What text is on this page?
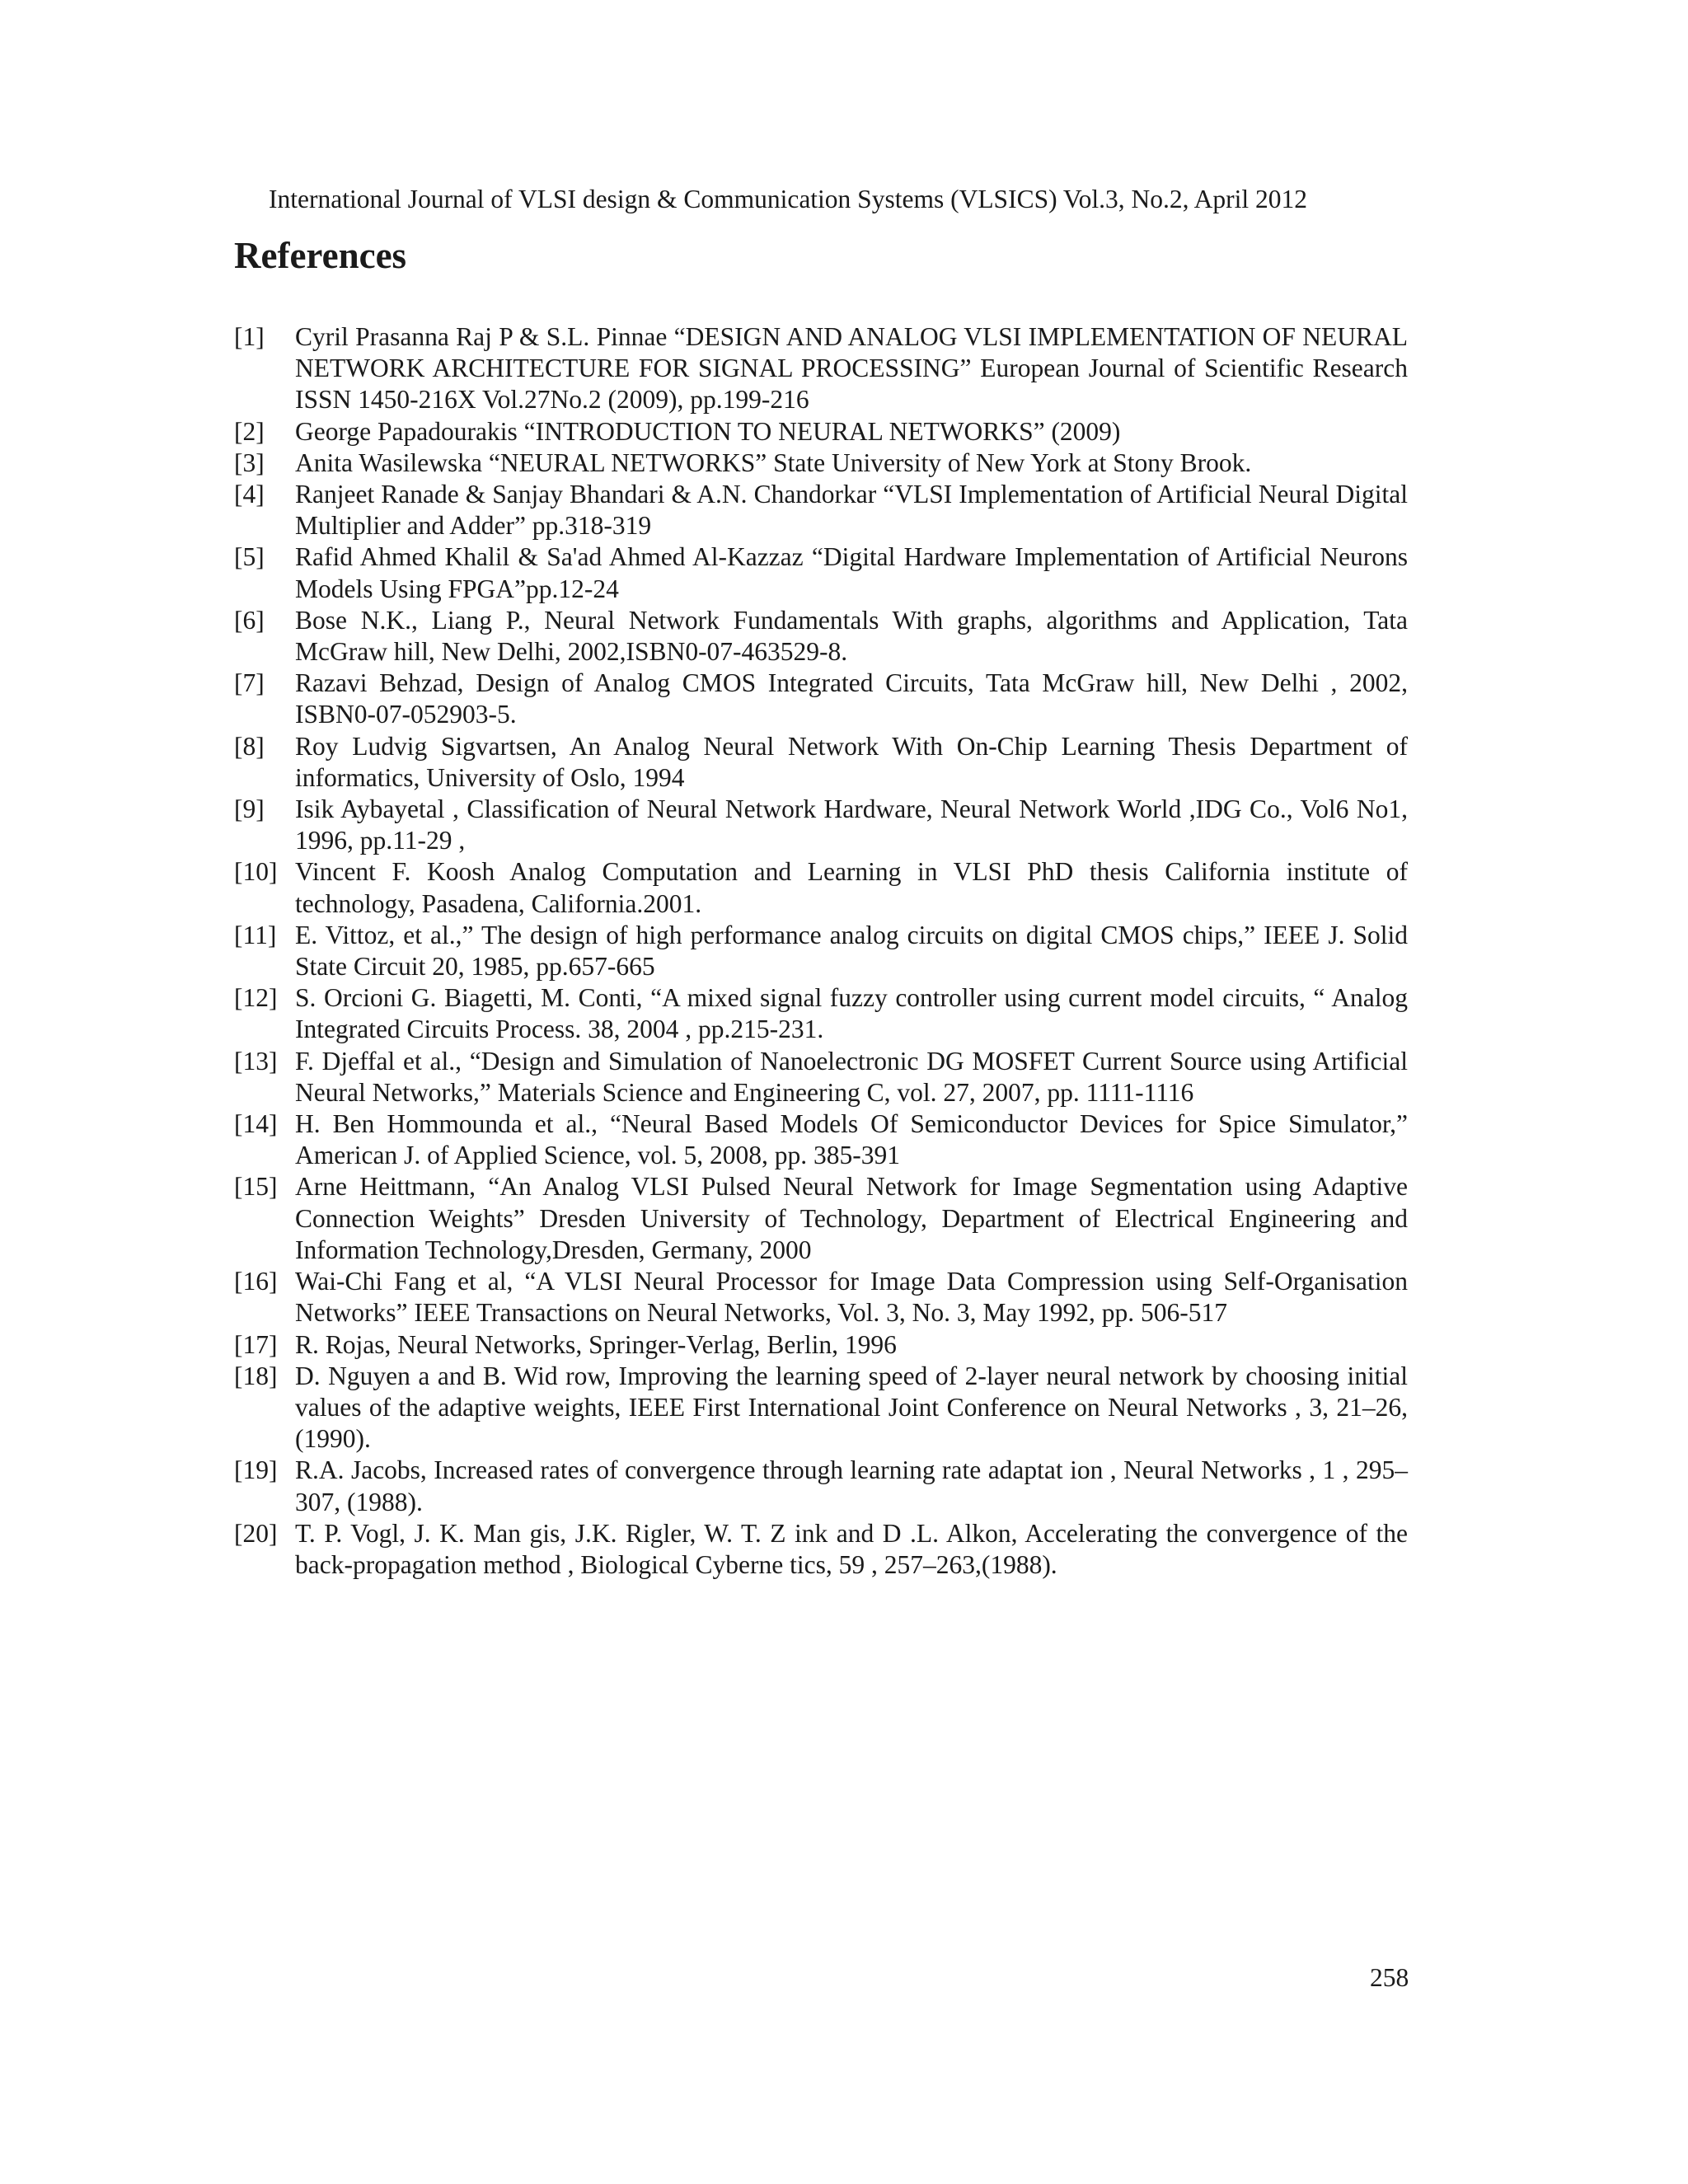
International Journal of VLSI design & Communication Systems (VLSICS) Vol.3, No.2, April 2012
References
[1]	Cyril Prasanna Raj P & S.L. Pinnae “DESIGN AND ANALOG VLSI IMPLEMENTATION OF NEURAL NETWORK ARCHITECTURE FOR SIGNAL PROCESSING” European Journal of Scientific Research ISSN 1450-216X Vol.27No.2 (2009), pp.199-216
[2]	George Papadourakis “INTRODUCTION TO NEURAL NETWORKS” (2009)
[3]	Anita Wasilewska “NEURAL NETWORKS” State University of New York at Stony Brook.
[4]	Ranjeet Ranade & Sanjay Bhandari & A.N. Chandorkar “VLSI Implementation of Artificial Neural Digital Multiplier and Adder” pp.318-319
[5]	Rafid Ahmed Khalil & Sa'ad Ahmed Al-Kazzaz “Digital Hardware Implementation of Artificial Neurons Models Using FPGA”pp.12-24
[6]	Bose N.K., Liang P., Neural Network Fundamentals With graphs, algorithms and Application, Tata McGraw hill, New Delhi, 2002,ISBN0-07-463529-8.
[7]	Razavi Behzad, Design of Analog CMOS Integrated Circuits, Tata McGraw hill, New Delhi , 2002, ISBN0-07-052903-5.
[8]	Roy Ludvig Sigvartsen, An Analog Neural Network With On-Chip Learning Thesis Department of informatics, University of Oslo, 1994
[9]	Isik Aybayetal , Classification of Neural Network Hardware, Neural Network World ,IDG Co., Vol6 No1, 1996, pp.11-29 ,
[10] Vincent F. Koosh Analog Computation and Learning in VLSI PhD thesis California institute of technology, Pasadena, California.2001.
[11] E. Vittoz, et al.,” The design of high performance analog circuits on digital CMOS chips,” IEEE J. Solid State Circuit 20, 1985, pp.657-665
[12] S. Orcioni G. Biagetti, M. Conti, “A mixed signal fuzzy controller using current model circuits, “ Analog Integrated Circuits Process. 38, 2004 , pp.215-231.
[13] F. Djeffal et al., “Design and Simulation of Nanoelectronic DG MOSFET Current Source using Artificial Neural Networks,” Materials Science and Engineering C, vol. 27, 2007, pp. 1111-1116
[14] H. Ben Hommounda et al., “Neural Based Models Of Semiconductor Devices for Spice Simulator,” American J. of Applied Science, vol. 5, 2008, pp. 385-391
[15] Arne Heittmann, “An Analog VLSI Pulsed Neural Network for Image Segmentation using Adaptive Connection Weights” Dresden University of Technology, Department of Electrical Engineering and Information Technology,Dresden, Germany, 2000
[16] Wai-Chi Fang et al, “A VLSI Neural Processor for Image Data Compression using Self-Organisation Networks” IEEE Transactions on Neural Networks, Vol. 3, No. 3, May 1992, pp. 506-517
[17] R. Rojas, Neural Networks, Springer-Verlag, Berlin, 1996
[18] D. Nguyen a and B. Wid row, Improving the learning speed of 2-layer neural network by choosing initial values of the adaptive weights, IEEE First International Joint Conference on Neural Networks , 3, 21–26, (1990).
[19] R.A. Jacobs, Increased rates of convergence through learning rate adaptat ion , Neural Networks , 1 , 295–307, (1988).
[20] T. P. Vogl, J. K. Man gis, J.K. Rigler, W. T. Z ink and D .L. Alkon, Accelerating the convergence of the back-propagation method , Biological Cyberne tics, 59 , 257–263,(1988).
258
